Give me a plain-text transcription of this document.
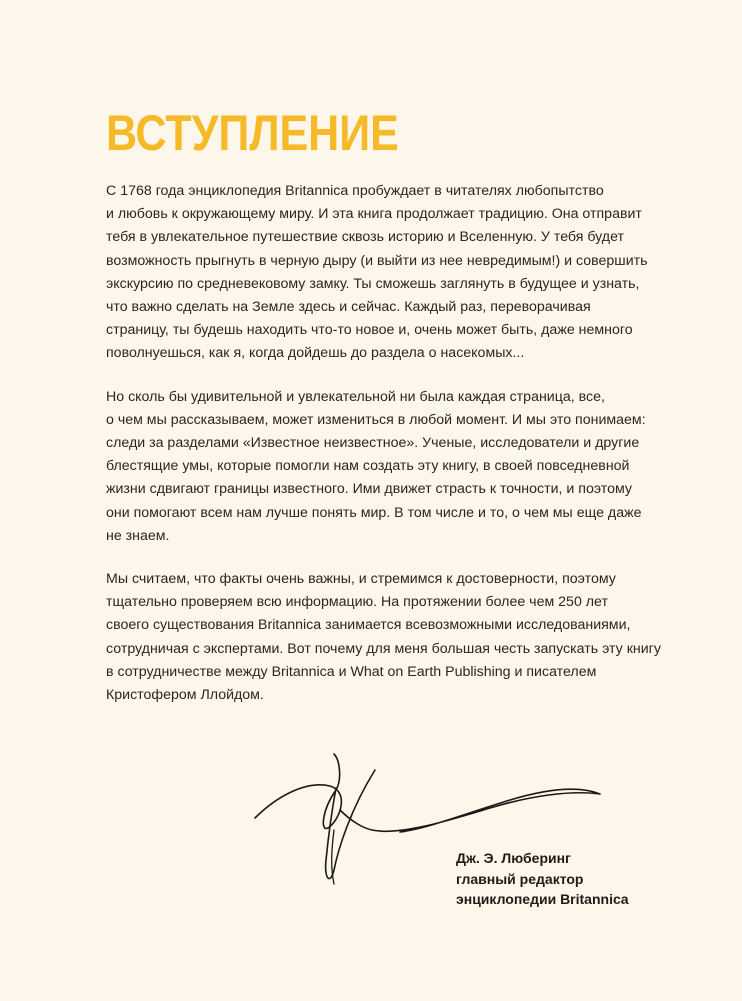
ВСТУПЛЕНИЕ

С 1768 года энциклопедия Britannica пробуждает в читателях любопытство
и любовь к окружающему миру. И эта книга продолжает традицию. Она отправит
тебя в увлекательное путешествие сквозь историю и Вселенную. У тебя будет
возможность прыгнуть в черную дыру (и выйти из нее невредимым!) и совершить
экскурсию по средневековому замку. Ты сможешь заглянуть в будущее и узнать,
что важно сделать на Земле здесь и сейчас. Каждый раз, переворачивая
страницу, ты будешь находить что-то новое и, очень может быть, даже немного
поволнуешься, как я, когда дойдешь до раздела о насекомых...

Но сколь бы удивительной и увлекательной ни была каждая страница, все,
о чем мы рассказываем, может измениться в любой момент. И мы это понимаем:
следи за разделами «Известное неизвестное». Ученые, исследователи и другие
блестящие умы, которые помогли нам создать эту книгу, в своей повседневной
жизни сдвигают границы известного. Ими движет страсть к точности, и поэтому
они помогают всем нам лучше понять мир. В том числе и то, о чем мы еще даже
не знаем.

Мы считаем, что факты очень важны, и стремимся к достоверности, поэтому
тщательно проверяем всю информацию. На протяжении более чем 250 лет
своего существования Britannica занимается всевозможными исследованиями,
сотрудничая с экспертами. Вот почему для меня большая честь запускать эту книгу
в сотрудничестве между Britannica и What on Earth Publishing и писателем
Кристофером Ллойдом.

Дж. Э. Люберинг
главный редактор
энциклопедии Britannica
